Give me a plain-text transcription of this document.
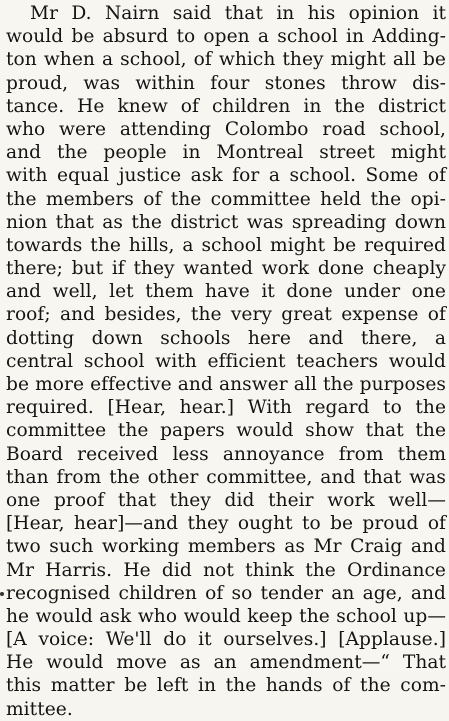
Mr D. Nairn said that in his opinion it
would be absurd to open a school in Adding-
ton when a school, of which they might all be
proud, was within four stones throw dis-
tance. He knew of children in the district
who were attending Colombo road school,
and the people in Montreal street might
with equal justice ask for a school. Some of
the members of the committee held the opi-
nion that as the district was spreading down
towards the hills, a school might be required
there; but if they wanted work done cheaply
and well, let them have it done under one
roof; and besides, the very great expense of
dotting down schools here and there, a
central school with efficient teachers would
be more effective and answer all the purposes
required. [Hear, hear.] With regard to the
committee the papers would show that the
Board received less annoyance from them
than from the other committee, and that was
one proof that they did their work well—
[Hear, hear]—and they ought to be proud of
two such working members as Mr Craig and
Mr Harris. He did not think the Ordinance
recognised children of so tender an age, and
he would ask who would keep the school up—
[A voice: We'll do it ourselves.] [Applause.]
He would move as an amendment—“ That
this matter be left in the hands of the com-
mittee.
